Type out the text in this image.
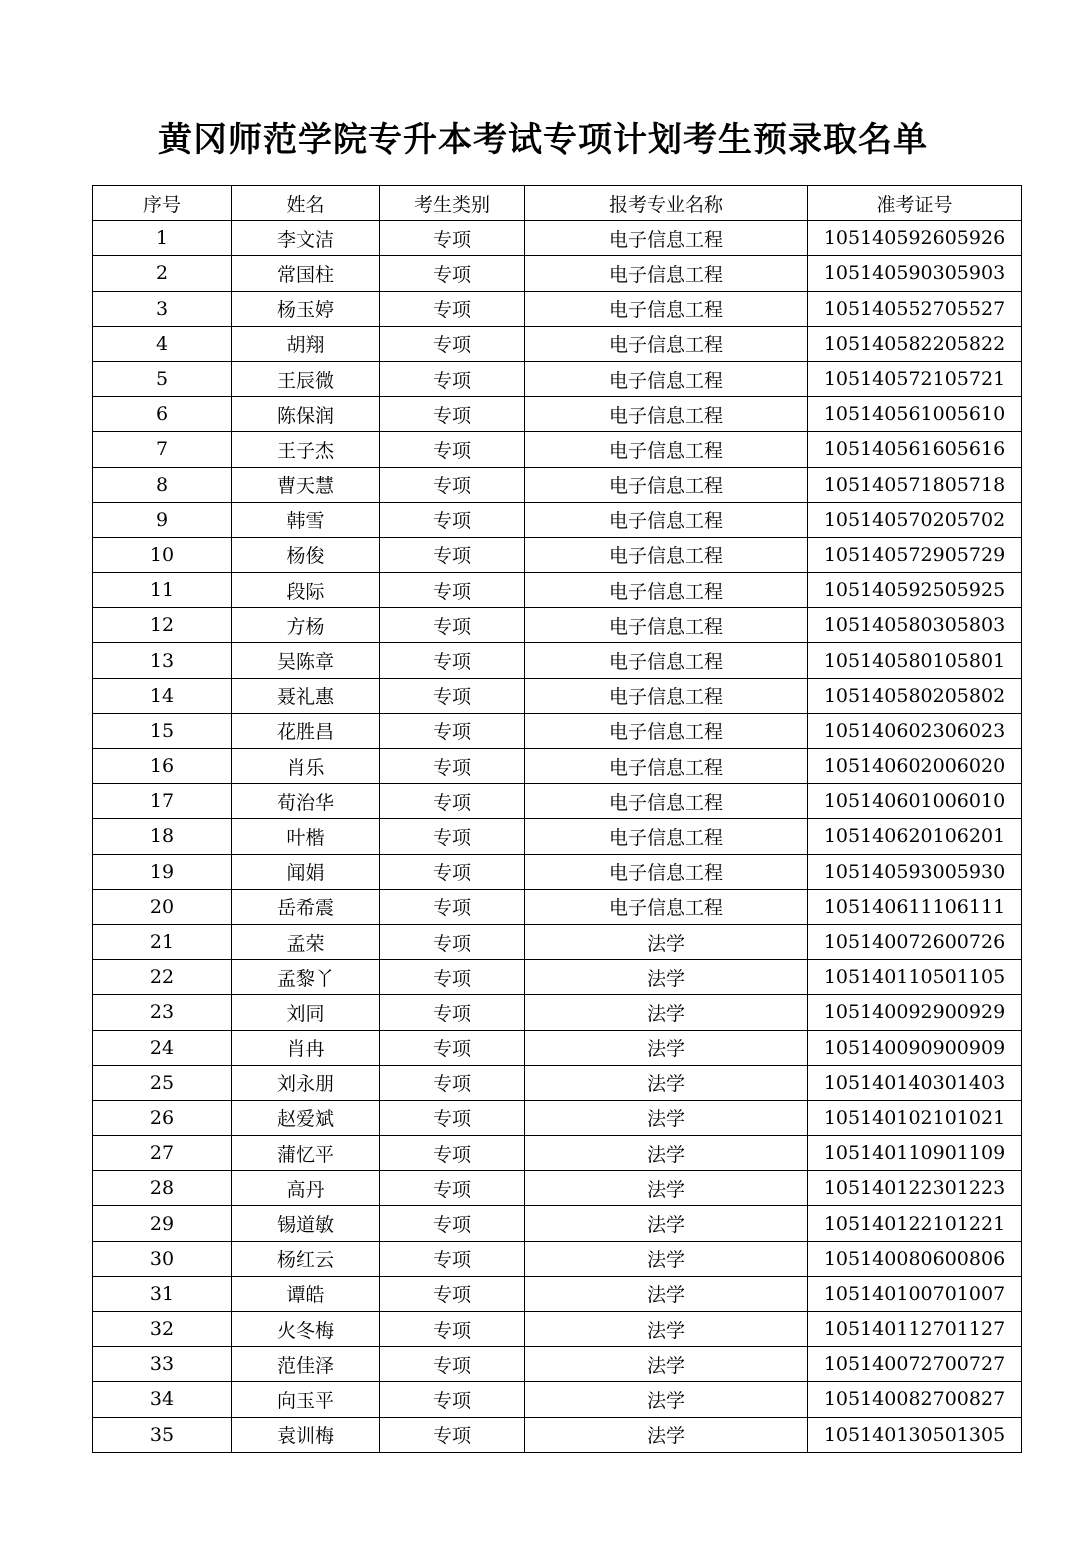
黄冈师范学院专升本考试专项计划考生预录取名单
序号	姓名	考生类别	报考专业名称	准考证号
1	李文洁	专项	电子信息工程	105140592605926
2	常国柱	专项	电子信息工程	105140590305903
3	杨玉婷	专项	电子信息工程	105140552705527
4	胡翔	专项	电子信息工程	105140582205822
5	王辰微	专项	电子信息工程	105140572105721
6	陈保润	专项	电子信息工程	105140561005610
7	王子杰	专项	电子信息工程	105140561605616
8	曹天慧	专项	电子信息工程	105140571805718
9	韩雪	专项	电子信息工程	105140570205702
10	杨俊	专项	电子信息工程	105140572905729
11	段际	专项	电子信息工程	105140592505925
12	方杨	专项	电子信息工程	105140580305803
13	吴陈章	专项	电子信息工程	105140580105801
14	聂礼惠	专项	电子信息工程	105140580205802
15	花胜昌	专项	电子信息工程	105140602306023
16	肖乐	专项	电子信息工程	105140602006020
17	荀治华	专项	电子信息工程	105140601006010
18	叶楷	专项	电子信息工程	105140620106201
19	闻娟	专项	电子信息工程	105140593005930
20	岳希震	专项	电子信息工程	105140611106111
21	孟荣	专项	法学	105140072600726
22	孟黎丫	专项	法学	105140110501105
23	刘同	专项	法学	105140092900929
24	肖冉	专项	法学	105140090900909
25	刘永朋	专项	法学	105140140301403
26	赵爱斌	专项	法学	105140102101021
27	蒲忆平	专项	法学	105140110901109
28	高丹	专项	法学	105140122301223
29	锡道敏	专项	法学	105140122101221
30	杨红云	专项	法学	105140080600806
31	谭皓	专项	法学	105140100701007
32	火冬梅	专项	法学	105140112701127
33	范佳泽	专项	法学	105140072700727
34	向玉平	专项	法学	105140082700827
35	袁训梅	专项	法学	105140130501305
